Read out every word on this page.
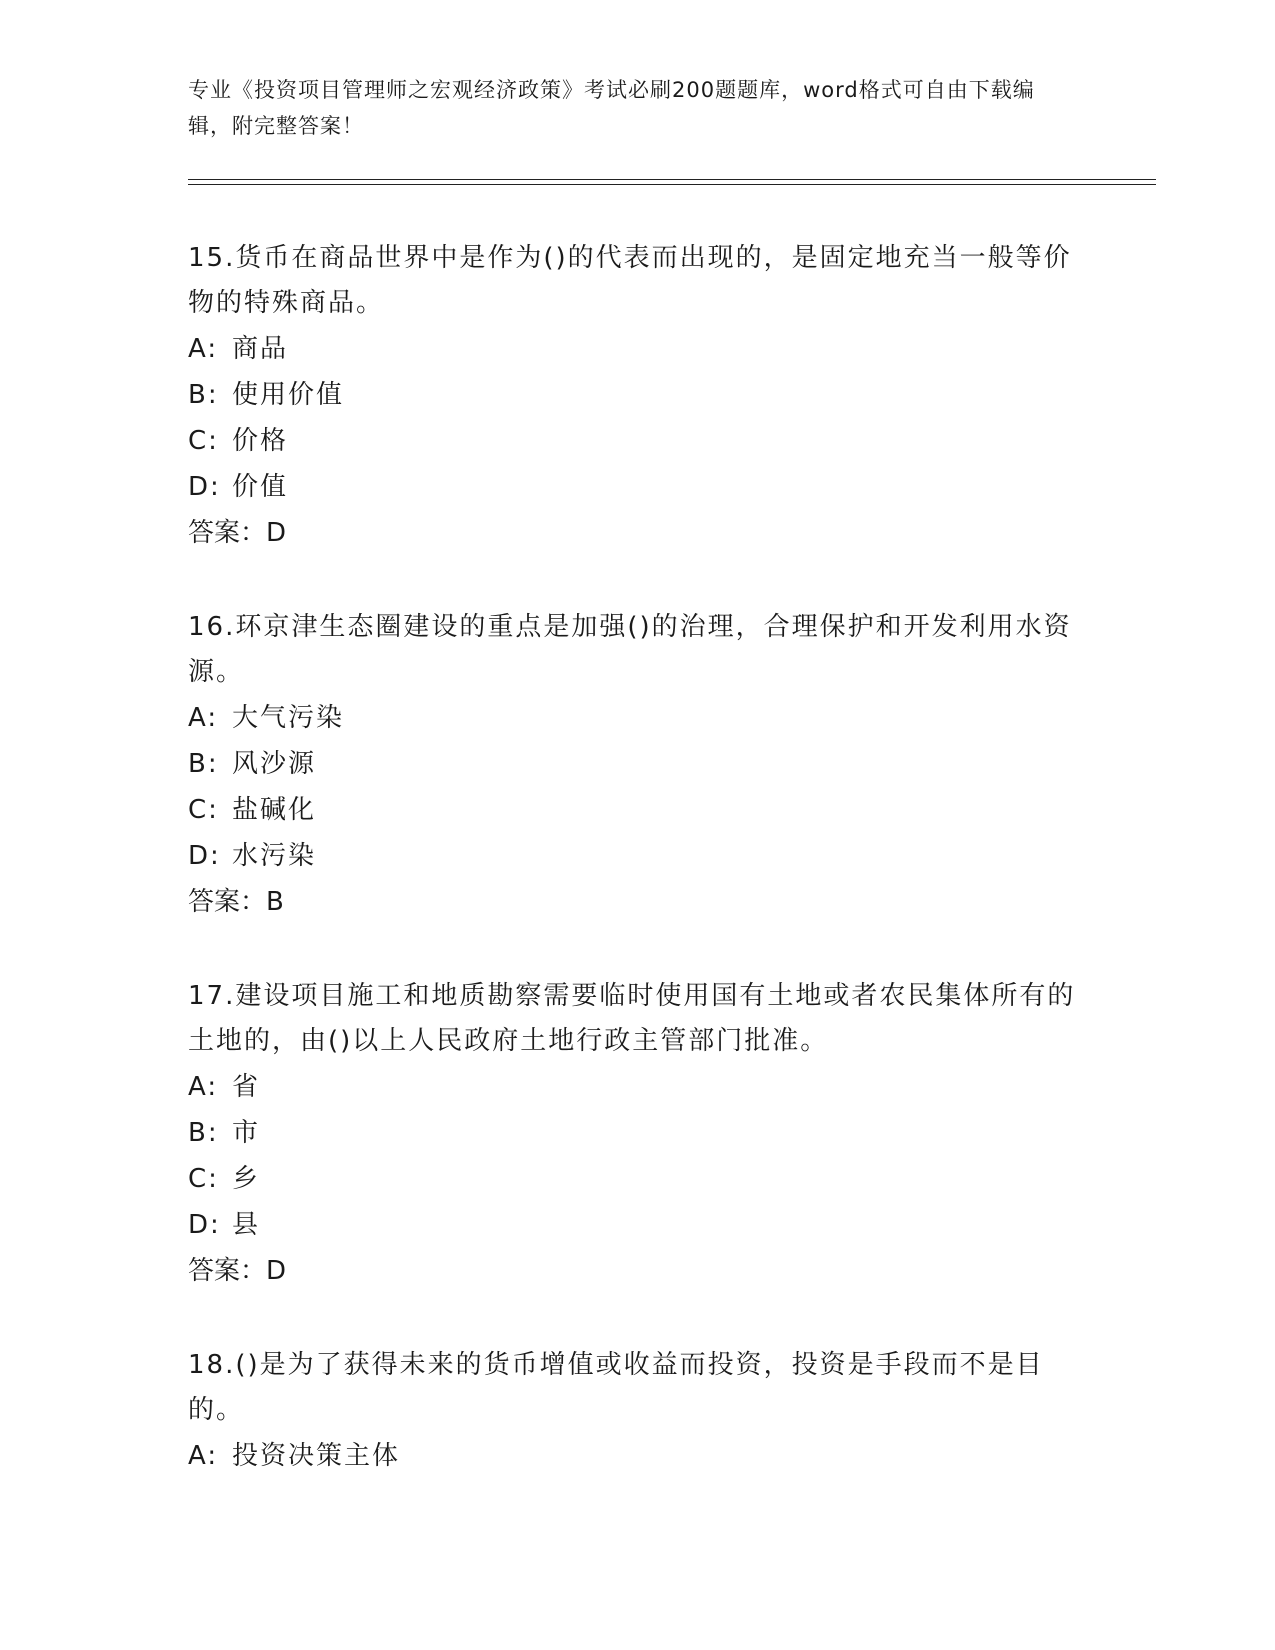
专业《投资项目管理师之宏观经济政策》考试必刷200题题库，word格式可自由下载编辑，附完整答案！

15.货币在商品世界中是作为()的代表而出现的，是固定地充当一般等价物的特殊商品。

A: 商品

B: 使用价值

C: 价格

D: 价值

答案：D

16.环京津生态圈建设的重点是加强()的治理，合理保护和开发利用水资源。

A: 大气污染

B: 风沙源

C: 盐碱化

D: 水污染

答案：B

17.建设项目施工和地质勘察需要临时使用国有土地或者农民集体所有的土地的，由()以上人民政府土地行政主管部门批准。

A: 省

B: 市

C: 乡

D: 县

答案：D

18.()是为了获得未来的货币增值或收益而投资，投资是手段而不是目的。

A: 投资决策主体
